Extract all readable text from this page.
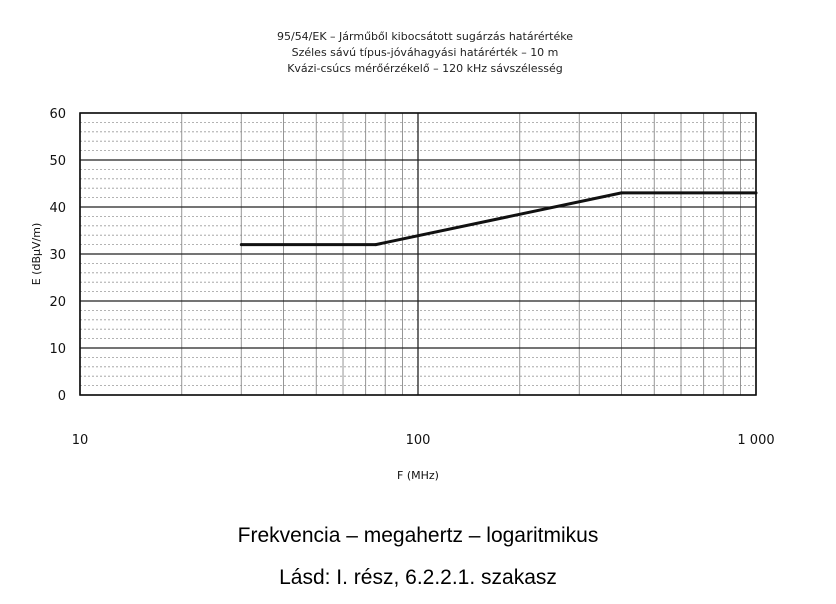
95/54/EK – Járműből kibocsátott sugárzás határértéke
Széles sávú típus-jóváhagyási határérték – 10 m
Kvázi-csúcs mérőérzékelő – 120 kHz sávszélesség
0
10
20
30
40
50
60
10	100	1 000
F (MHz)
E (dBµV/m)
Frekvencia – megahertz – logaritmikus
Lásd: I. rész, 6.2.2.1. szakasz
